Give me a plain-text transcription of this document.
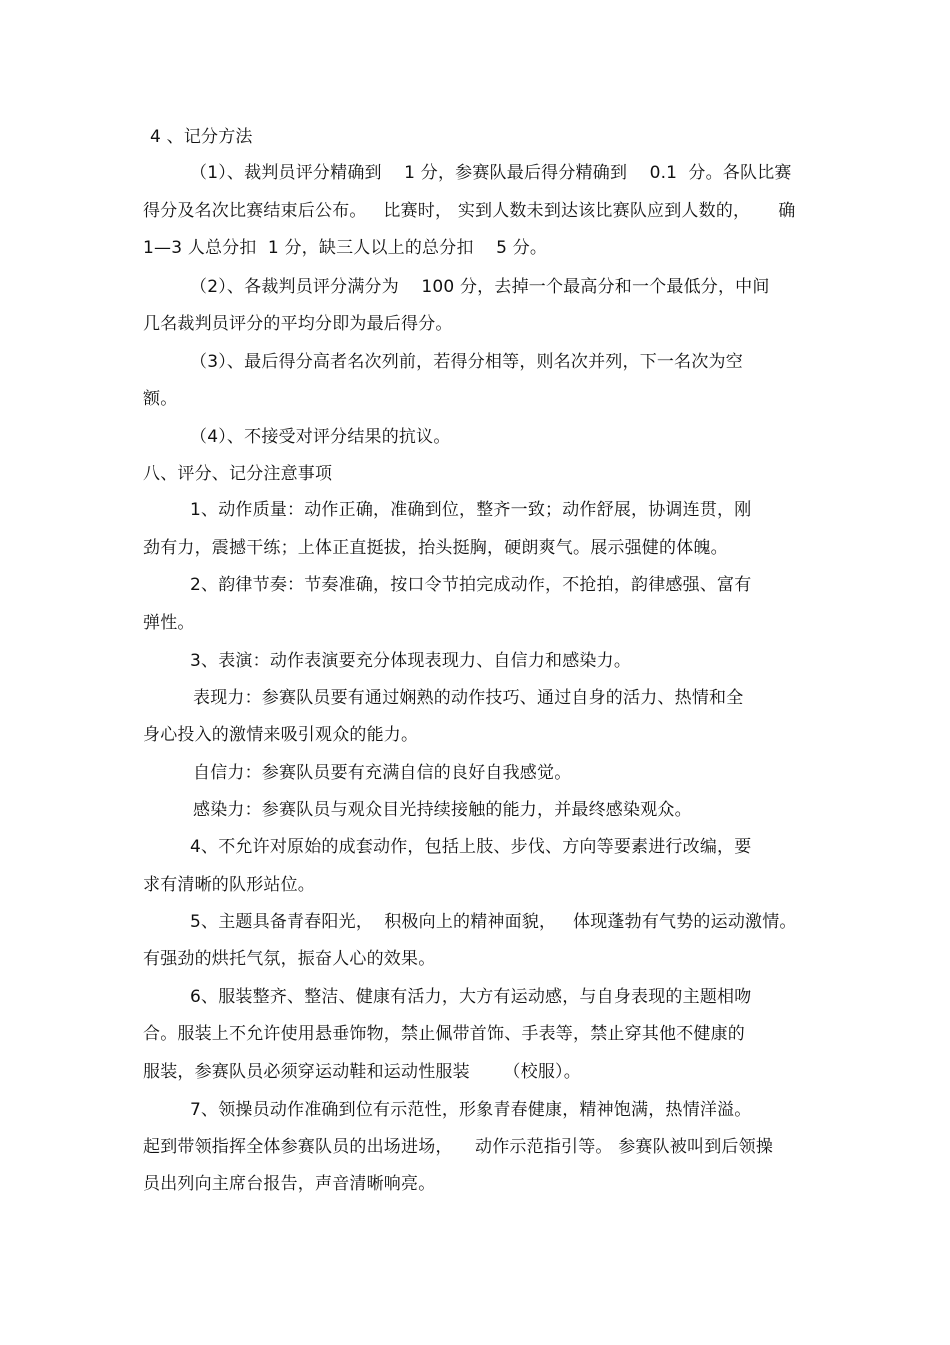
4 、记分方法
（1）、裁判员评分精确到    1 分，参赛队最后得分精确到    0.1  分。各队比赛
得分及名次比赛结束后公布。   比赛时， 实到人数未到达该比赛队应到人数的，     确
1—3 人总分扣  1 分，缺三人以上的总分扣    5 分。
（2）、各裁判员评分满分为    100 分，去掉一个最高分和一个最低分，中间
几名裁判员评分的平均分即为最后得分。
（3）、最后得分高者名次列前，若得分相等，则名次并列，下一名次为空
额。
（4）、不接受对评分结果的抗议。
八、评分、记分注意事项
1、动作质量：动作正确，准确到位，整齐一致；动作舒展，协调连贯，刚
劲有力，震撼干练；上体正直挺拔，抬头挺胸，硬朗爽气。展示强健的体魄。
2、韵律节奏：节奏准确，按口令节拍完成动作，不抢拍，韵律感强、富有
弹性。
3、表演：动作表演要充分体现表现力、自信力和感染力。
表现力：参赛队员要有通过娴熟的动作技巧、通过自身的活力、热情和全
身心投入的激情来吸引观众的能力。
自信力：参赛队员要有充满自信的良好自我感觉。
感染力：参赛队员与观众目光持续接触的能力，并最终感染观众。
4、不允许对原始的成套动作，包括上肢、步伐、方向等要素进行改编，要
求有清晰的队形站位。
5、主题具备青春阳光，  积极向上的精神面貌，   体现蓬勃有气势的运动激情。
有强劲的烘托气氛，振奋人心的效果。
6、服装整齐、整洁、健康有活力，大方有运动感，与自身表现的主题相吻
合。服装上不允许使用悬垂饰物，禁止佩带首饰、手表等，禁止穿其他不健康的
服装，参赛队员必须穿运动鞋和运动性服装      （校服）。
7、领操员动作准确到位有示范性，形象青春健康，精神饱满，热情洋溢。
起到带领指挥全体参赛队员的出场进场，    动作示范指引等。 参赛队被叫到后领操
员出列向主席台报告，声音清晰响亮。
